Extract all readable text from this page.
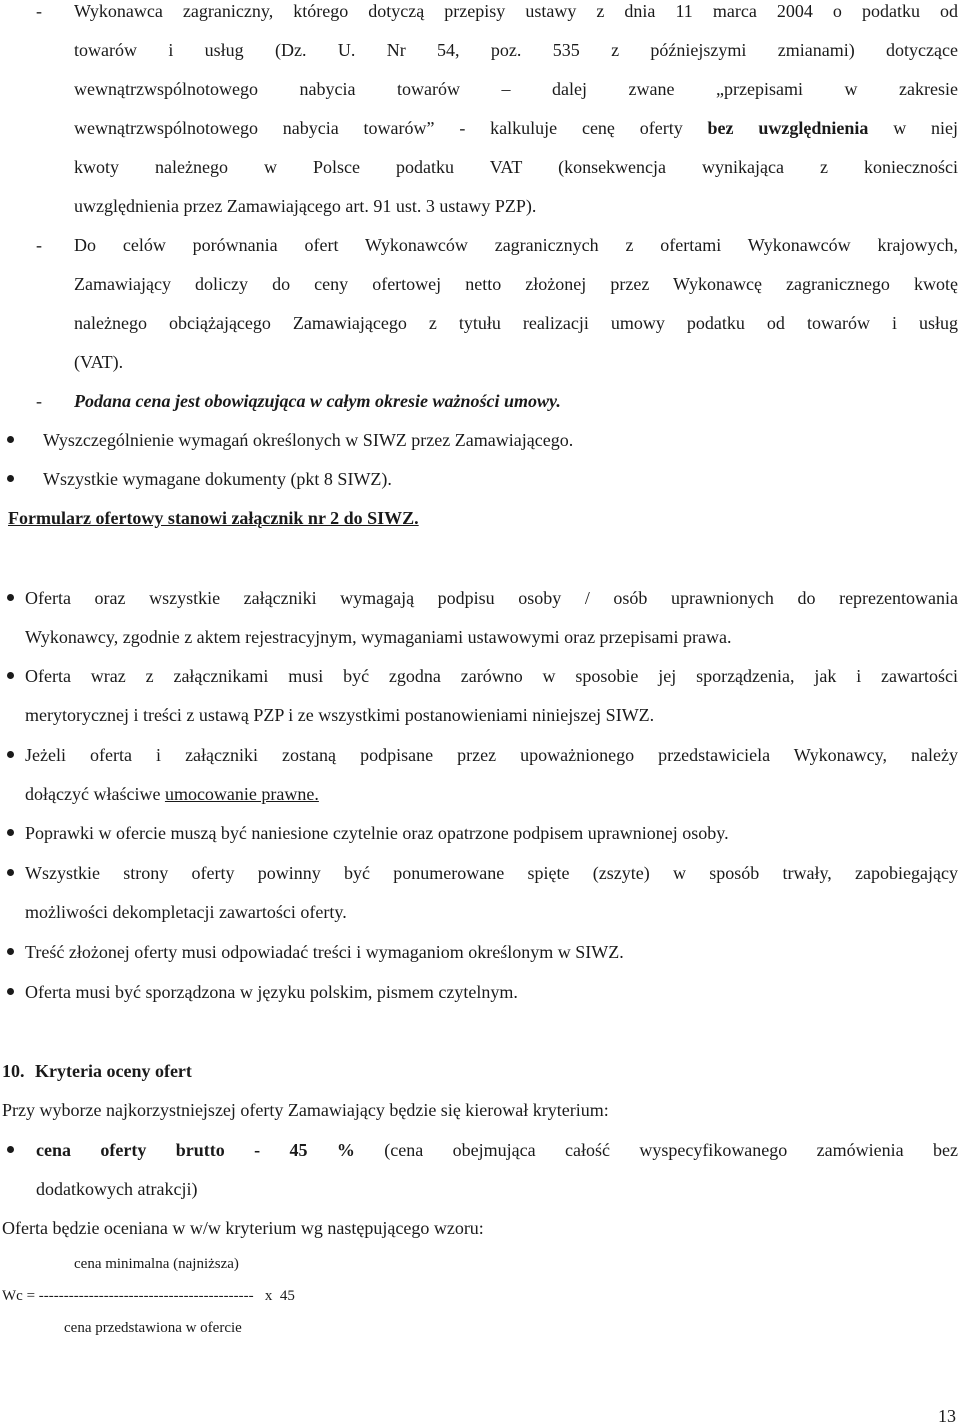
- Wykonawca zagraniczny, którego dotyczą przepisy ustawy z dnia 11 marca 2004 o podatku od
towarów i usług (Dz. U. Nr 54, poz. 535 z późniejszymi zmianami) dotyczące
wewnątrzwspólnotowego nabycia towarów – dalej zwane „przepisami w zakresie
wewnątrzwspólnotowego nabycia towarów” - kalkuluje cenę oferty bez uwzględnienia w niej
kwoty należnego w Polsce podatku VAT (konsekwencja wynikająca z konieczności
uwzględnienia przez Zamawiającego art. 91 ust. 3 ustawy PZP).
- Do celów porównania ofert Wykonawców zagranicznych z ofertami Wykonawców krajowych,
Zamawiający doliczy do ceny ofertowej netto złożonej przez Wykonawcę zagranicznego kwotę
należnego obciążającego Zamawiającego z tytułu realizacji umowy podatku od towarów i usług
(VAT).
- Podana cena jest obowiązująca w całym okresie ważności umowy.
Wyszczególnienie wymagań określonych w SIWZ przez Zamawiającego.
Wszystkie wymagane dokumenty (pkt 8 SIWZ).
Formularz ofertowy stanowi załącznik nr 2 do SIWZ.
Oferta oraz wszystkie załączniki wymagają podpisu osoby / osób uprawnionych do reprezentowania
Wykonawcy, zgodnie z aktem rejestracyjnym, wymaganiami ustawowymi oraz przepisami prawa.
Oferta wraz z załącznikami musi być zgodna zarówno w sposobie jej sporządzenia, jak i zawartości
merytorycznej i treści z ustawą PZP i ze wszystkimi postanowieniami niniejszej SIWZ.
Jeżeli oferta i załączniki zostaną podpisane przez upoważnionego przedstawiciela Wykonawcy, należy
dołączyć właściwe umocowanie prawne.
Poprawki w ofercie muszą być naniesione czytelnie oraz opatrzone podpisem uprawnionej osoby.
Wszystkie strony oferty powinny być ponumerowane spięte (zszyte) w sposób trwały, zapobiegający
możliwości dekompletacji zawartości oferty.
Treść złożonej oferty musi odpowiadać treści i wymaganiom określonym w SIWZ.
Oferta musi być sporządzona w języku polskim, pismem czytelnym.
10. Kryteria oceny ofert
Przy wyborze najkorzystniejszej oferty Zamawiający będzie się kierował kryterium:
cena oferty brutto - 45 % (cena obejmująca całość wyspecyfikowanego zamówienia bez
dodatkowych atrakcji)
Oferta będzie oceniana w w/w kryterium wg następującego wzoru:
cena minimalna (najniższa)
Wc = -------------------------------------------   x  45
cena przedstawiona w ofercie
13
